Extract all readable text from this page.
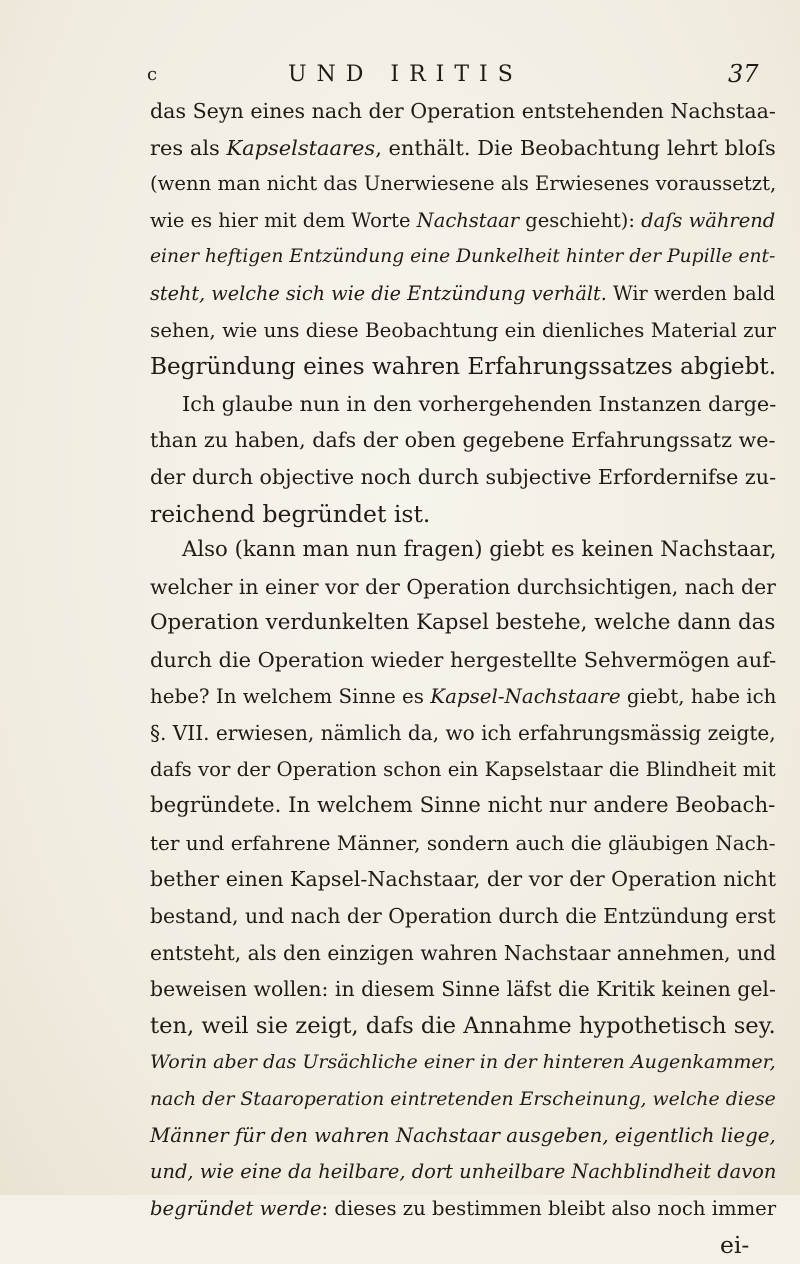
c	UND IRITIS	37
das Seyn eines nach der Operation entstehenden Nachstaa-
res als Kapselstaares, enthält. Die Beobachtung lehrt bloſs
(wenn man nicht das Unerwiesene als Erwiesenes voraussetzt,
wie es hier mit dem Worte Nachstaar geschieht): daſs während
einer heftigen Entzündung eine Dunkelheit hinter der Pupille ent-
steht, welche sich wie die Entzündung verhält. Wir werden bald
sehen, wie uns diese Beobachtung ein dienliches Material zur
Begründung eines wahren Erfahrungssatzes abgiebt.
Ich glaube nun in den vorhergehenden Instanzen darge-
than zu haben, dafs der oben gegebene Erfahrungssatz we-
der durch objective noch durch subjective Erfordernifse zu-
reichend begründet ist.
Also (kann man nun fragen) giebt es keinen Nachstaar,
welcher in einer vor der Operation durchsichtigen, nach der
Operation verdunkelten Kapsel bestehe, welche dann das
durch die Operation wieder hergestellte Sehvermögen auf-
hebe? In welchem Sinne es Kapsel-Nachstaare giebt, habe ich
§. VII. erwiesen, nämlich da, wo ich erfahrungsmässig zeigte,
dafs vor der Operation schon ein Kapselstaar die Blindheit mit
begründete. In welchem Sinne nicht nur andere Beobach-
ter und erfahrene Männer, sondern auch die gläubigen Nach-
bether einen Kapsel-Nachstaar, der vor der Operation nicht
bestand, und nach der Operation durch die Entzündung erst
entsteht, als den einzigen wahren Nachstaar annehmen, und
beweisen wollen: in diesem Sinne läfst die Kritik keinen gel-
ten, weil sie zeigt, dafs die Annahme hypothetisch sey.
Worin aber das Ursächliche einer in der hinteren Augenkammer,
nach der Staaroperation eintretenden Erscheinung, welche diese
Männer für den wahren Nachstaar ausgeben, eigentlich liege,
und, wie eine da heilbare, dort unheilbare Nachblindheit davon
begründet werde: dieses zu bestimmen bleibt also noch immer
ei-
